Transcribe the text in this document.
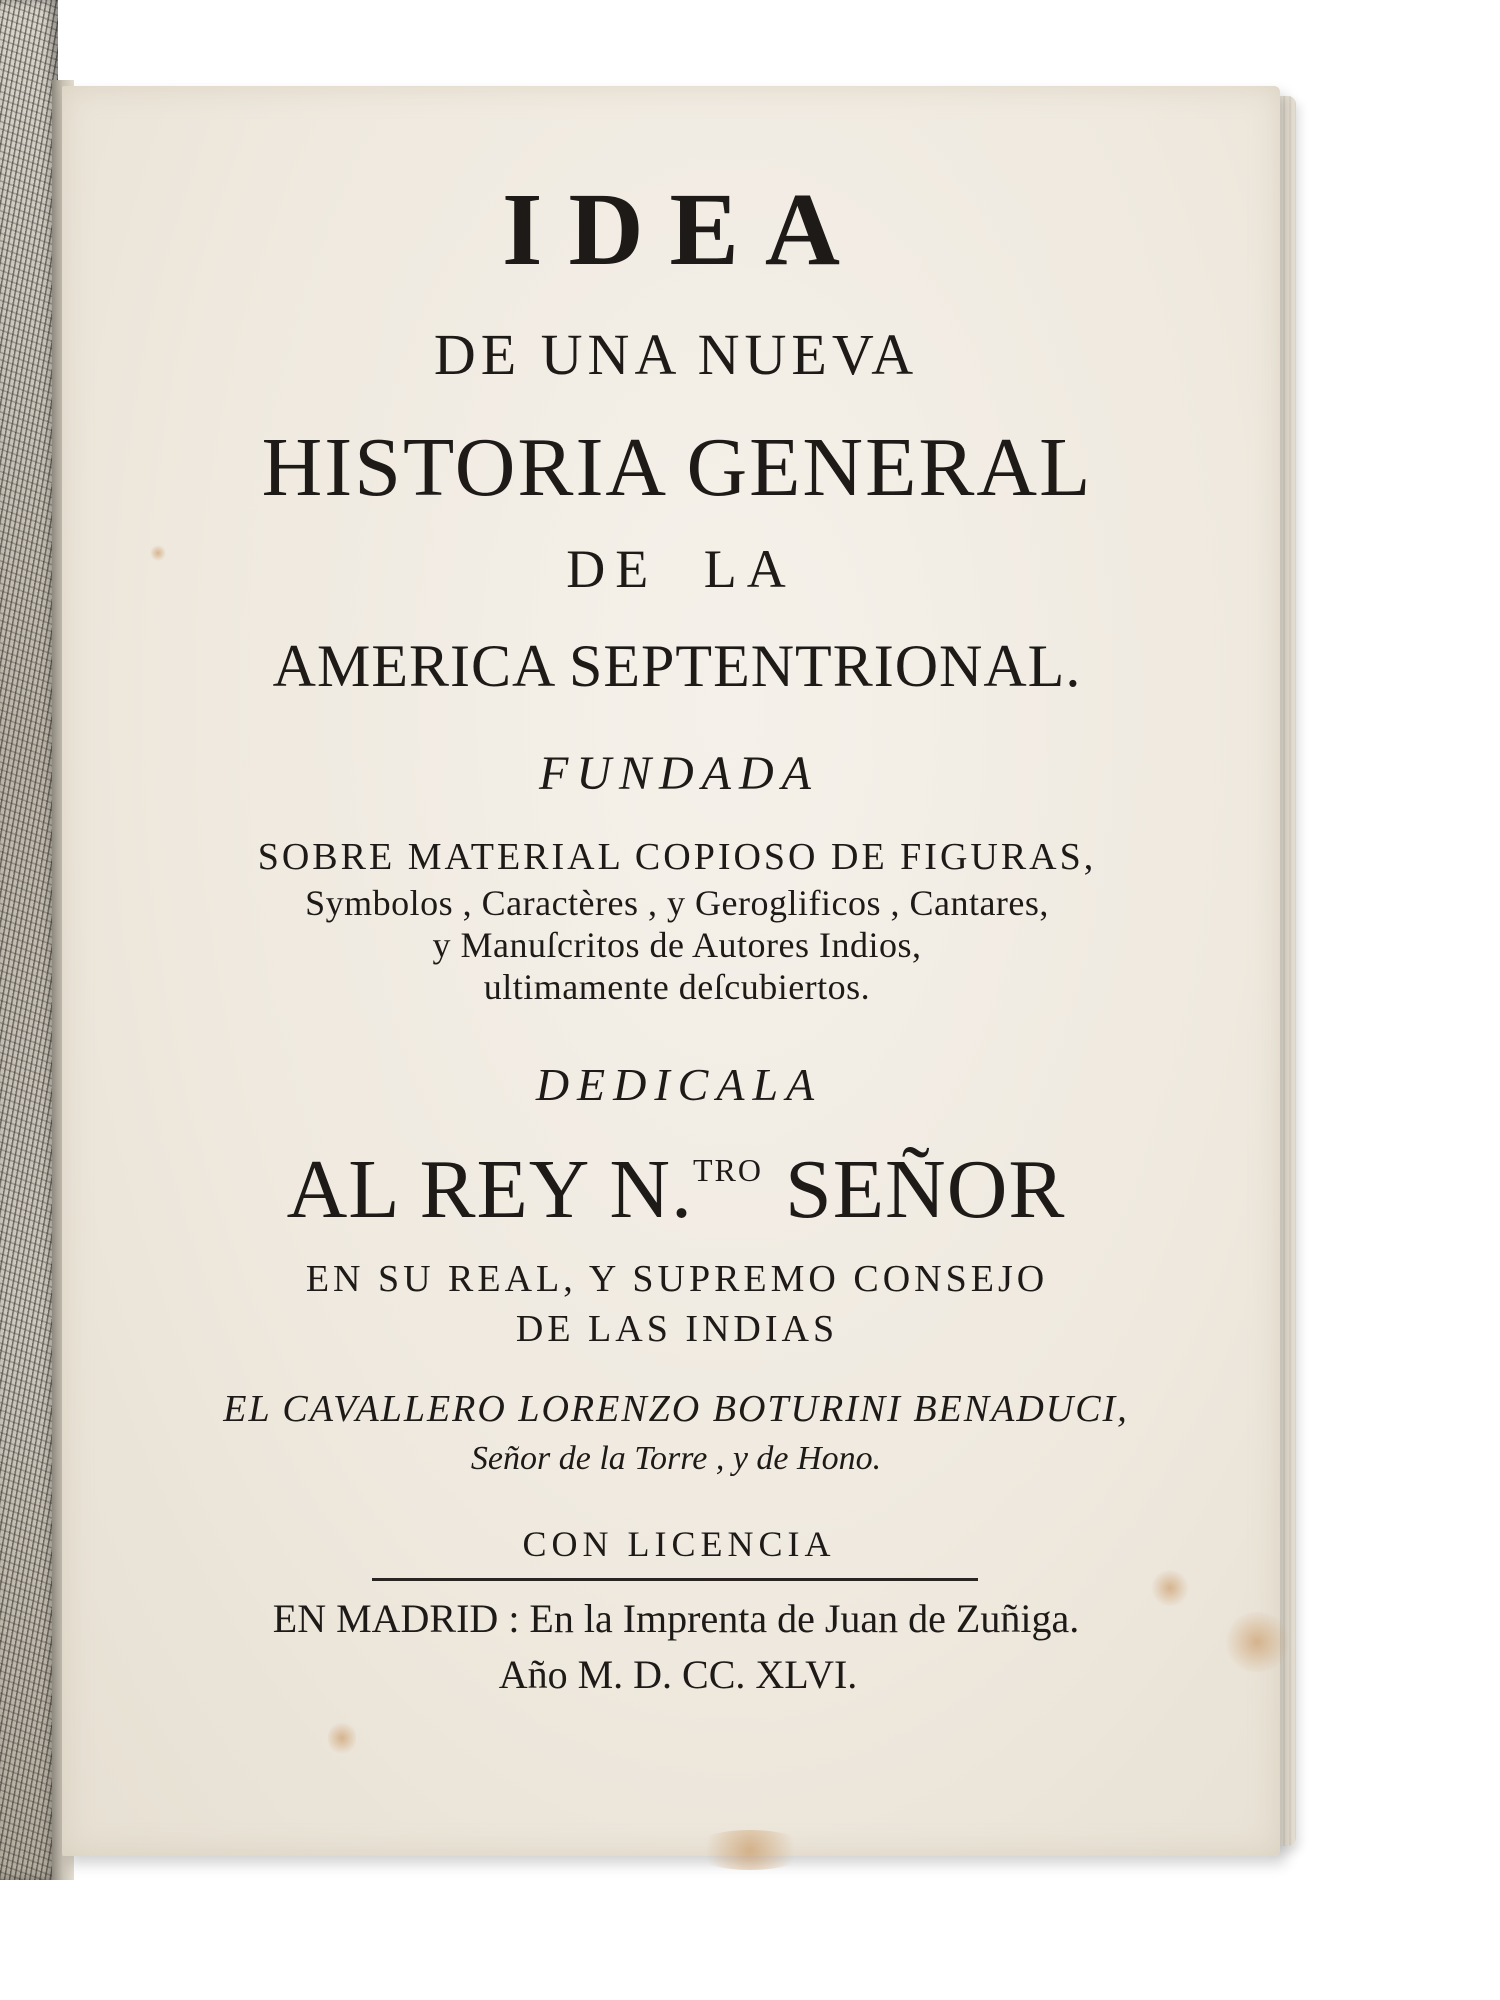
IDEA
DE UNA NUEVA
HISTORIA GENERAL
DE LA
AMERICA SEPTENTRIONAL.
FUNDADA
SOBRE MATERIAL COPIOSO DE FIGURAS,
Symbolos , Caractères , y Geroglificos , Cantares,
y Manuſcritos de Autores Indios,
ultimamente deſcubiertos.
DEDICALA
AL REY N.$^{TRO}$ SEÑOR
EN SU REAL, Y SUPREMO CONSEJO
DE LAS INDIAS
EL CAVALLERO LORENZO BOTURINI BENADUCI,
Señor de la Torre , y de Hono.
CON LICENCIA
EN MADRID : En la Imprenta de Juan de Zuñiga.
Año M. D. CC. XLVI.
